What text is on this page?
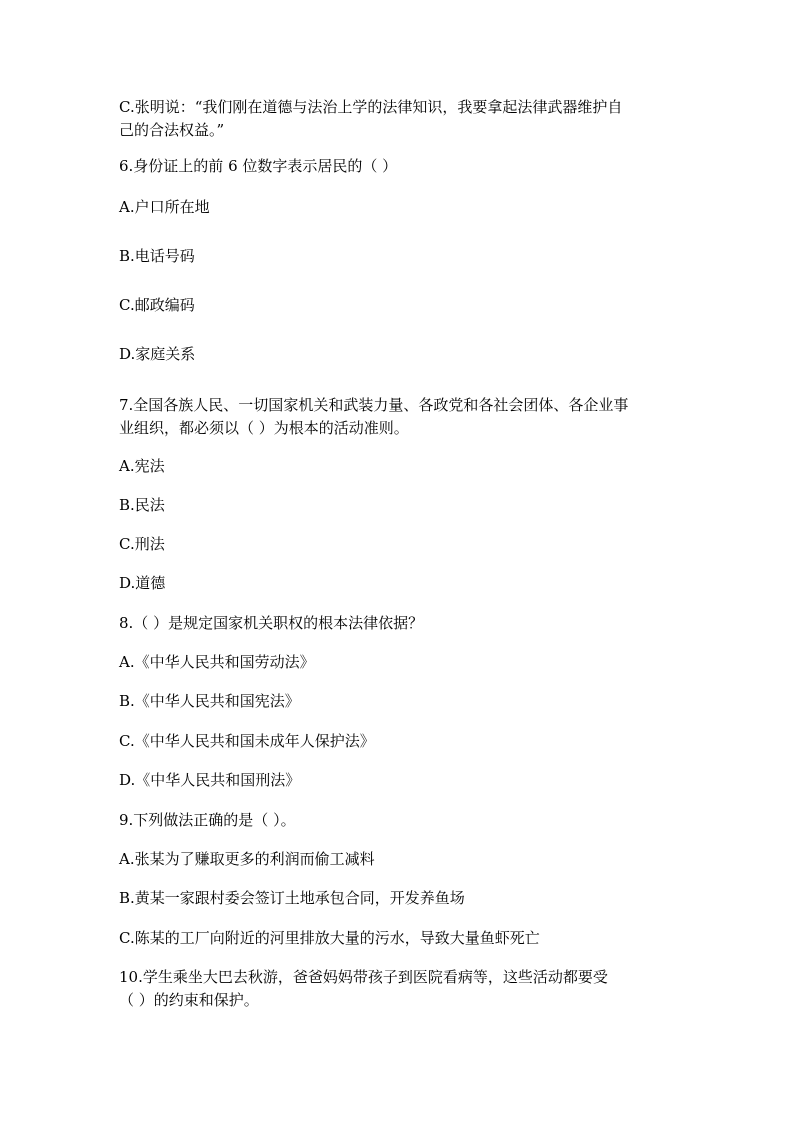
C.张明说：“我们刚在道德与法治上学的法律知识，我要拿起法律武器维护自
己的合法权益。”
6.身份证上的前 6 位数字表示居民的（ ）
A.户口所在地
B.电话号码
C.邮政编码
D.家庭关系
7.全国各族人民、一切国家机关和武装力量、各政党和各社会团体、各企业事
业组织，都必须以（ ）为根本的活动准则。
A.宪法
B.民法
C.刑法
D.道德
8.（ ）是规定国家机关职权的根本法律依据？
A.《中华人民共和国劳动法》
B.《中华人民共和国宪法》
C.《中华人民共和国未成年人保护法》
D.《中华人民共和国刑法》
9.下列做法正确的是（ ）。
A.张某为了赚取更多的利润而偷工减料
B.黄某一家跟村委会签订土地承包合同，开发养鱼场
C.陈某的工厂向附近的河里排放大量的污水，导致大量鱼虾死亡
10.学生乘坐大巴去秋游，爸爸妈妈带孩子到医院看病等，这些活动都要受
（ ）的约束和保护。
